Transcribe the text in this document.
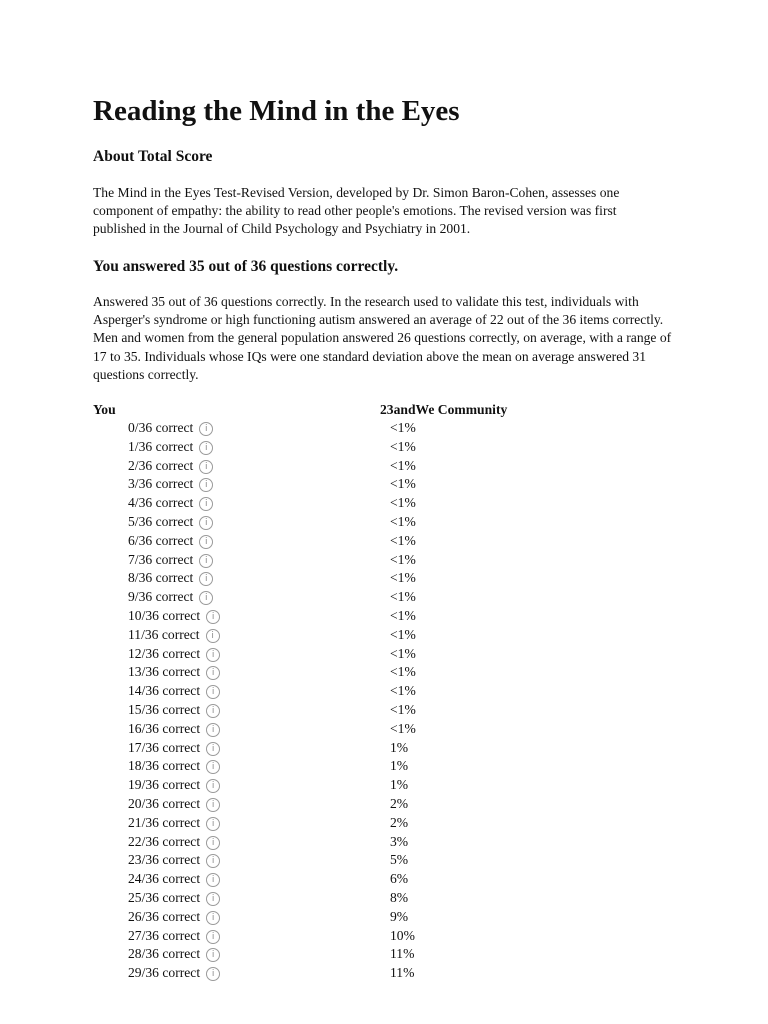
Reading the Mind in the Eyes
About Total Score

The Mind in the Eyes Test-Revised Version, developed by Dr. Simon Baron-Cohen, assesses one component of empathy: the ability to read other people's emotions. The revised version was first published in the Journal of Child Psychology and Psychiatry in 2001.

You answered 35 out of 36 questions correctly.

Answered 35 out of 36 questions correctly. In the research used to validate this test, individuals with Asperger's syndrome or high functioning autism answered an average of 22 out of the 36 items correctly. Men and women from the general population answered 26 questions correctly, on average, with a range of 17 to 35. Individuals whose IQs were one standard deviation above the mean on average answered 31 questions correctly.

You	23andWe Community
0/36 correct i	<1%
1/36 correct i	<1%
2/36 correct i	<1%
3/36 correct i	<1%
4/36 correct i	<1%
5/36 correct i	<1%
6/36 correct i	<1%
7/36 correct i	<1%
8/36 correct i	<1%
9/36 correct i	<1%
10/36 correct i	<1%
11/36 correct i	<1%
12/36 correct i	<1%
13/36 correct i	<1%
14/36 correct i	<1%
15/36 correct i	<1%
16/36 correct i	<1%
17/36 correct i	1%
18/36 correct i	1%
19/36 correct i	1%
20/36 correct i	2%
21/36 correct i	2%
22/36 correct i	3%
23/36 correct i	5%
24/36 correct i	6%
25/36 correct i	8%
26/36 correct i	9%
27/36 correct i	10%
28/36 correct i	11%
29/36 correct i	11%
